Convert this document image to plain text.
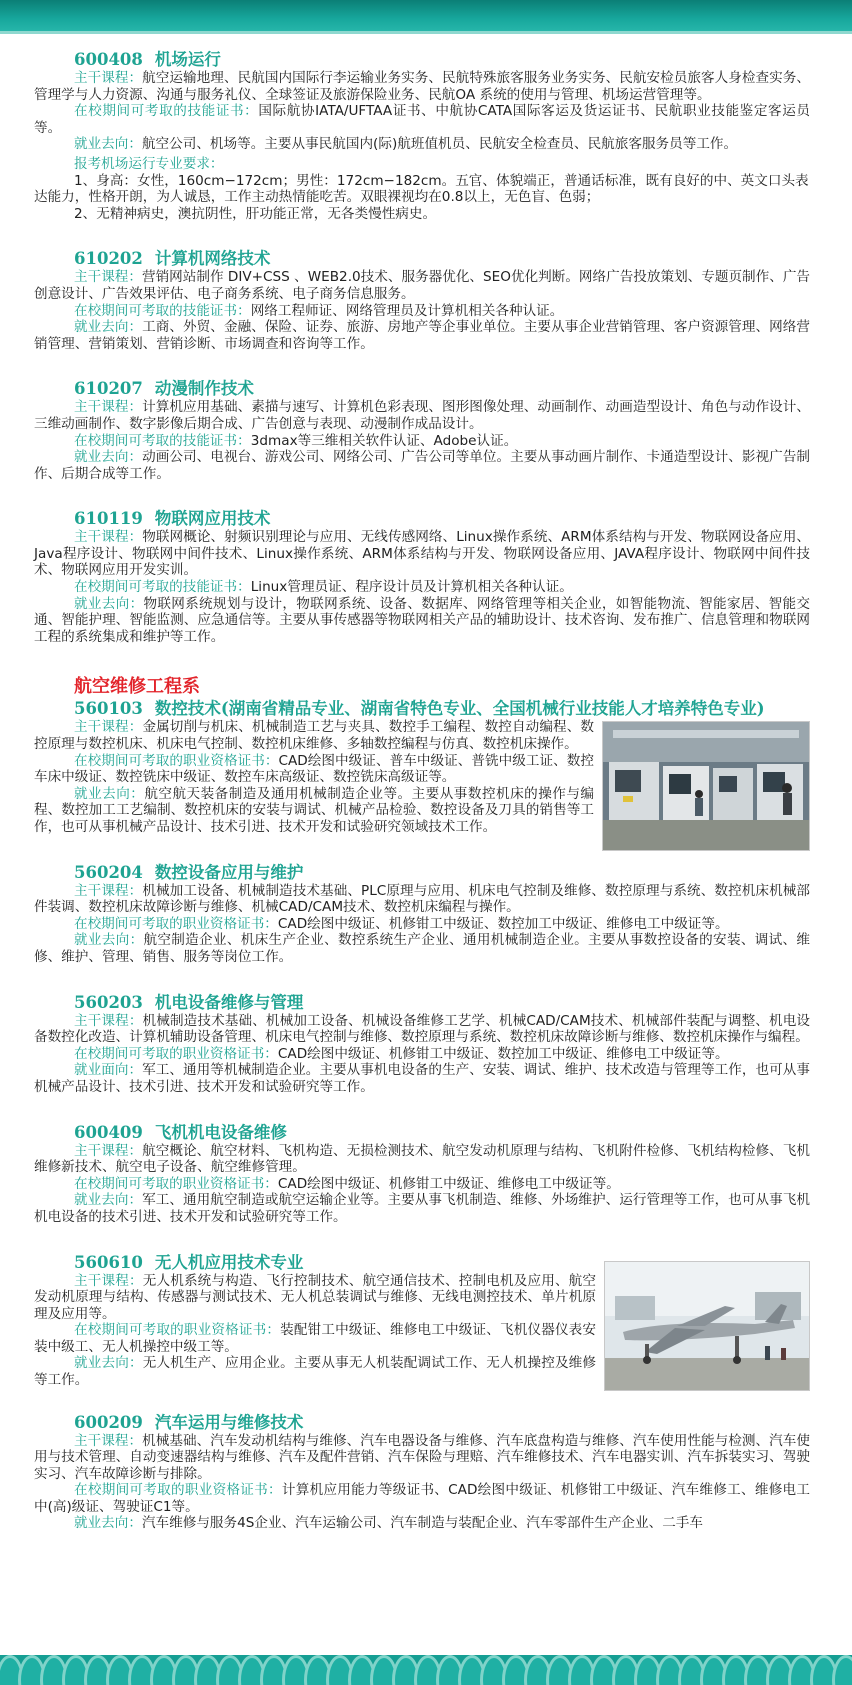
600408 机场运行

主干课程：航空运输地理、民航国内国际行李运输业务实务、民航特殊旅客服务业务实务、民航安检员旅客人身检查实务、管理学与人力资源、沟通与服务礼仪、全球签证及旅游保险业务、民航OA 系统的使用与管理、机场运营管理等。

在校期间可考取的技能证书：国际航协IATA/UFTAA证书、中航协CATA国际客运及货运证书、民航职业技能鉴定客运员等。

就业去向：航空公司、机场等。主要从事民航国内(际)航班值机员、民航安全检查员、民航旅客服务员等工作。

报考机场运行专业要求：

1、身高：女性，160cm−172cm；男性：172cm−182cm。五官、体貌端正，普通话标准，既有良好的中、英文口头表达能力，性格开朗，为人诚恳，工作主动热情能吃苦。双眼裸视均在0.8以上，无色盲、色弱；

2、无精神病史，澳抗阴性，肝功能正常，无各类慢性病史。

610202 计算机网络技术

主干课程：营销网站制作 DIV+CSS 、WEB2.0技术、服务器优化、SEO优化判断。网络广告投放策划、专题页制作、广告创意设计、广告效果评估、电子商务系统、电子商务信息服务。

在校期间可考取的技能证书：网络工程师证、网络管理员及计算机相关各种认证。

就业去向：工商、外贸、金融、保险、证券、旅游、房地产等企事业单位。主要从事企业营销管理、客户资源管理、网络营销管理、营销策划、营销诊断、市场调查和咨询等工作。

610207 动漫制作技术

主干课程：计算机应用基础、素描与速写、计算机色彩表现、图形图像处理、动画制作、动画造型设计、角色与动作设计、三维动画制作、数字影像后期合成、广告创意与表现、动漫制作成品设计。

在校期间可考取的技能证书：3dmax等三维相关软件认证、Adobe认证。

就业去向：动画公司、电视台、游戏公司、网络公司、广告公司等单位。主要从事动画片制作、卡通造型设计、影视广告制作、后期合成等工作。

610119 物联网应用技术

主干课程：物联网概论、射频识别理论与应用、无线传感网络、Linux操作系统、ARM体系结构与开发、物联网设备应用、Java程序设计、物联网中间件技术、Linux操作系统、ARM体系结构与开发、物联网设备应用、JAVA程序设计、物联网中间件技术、物联网应用开发实训。

在校期间可考取的技能证书：Linux管理员证、程序设计员及计算机相关各种认证。

就业去向：物联网系统规划与设计，物联网系统、设备、数据库、网络管理等相关企业，如智能物流、智能家居、智能交通、智能护理、智能监测、应急通信等。主要从事传感器等物联网相关产品的辅助设计、技术咨询、发布推广、信息管理和物联网工程的系统集成和维护等工作。

航空维修工程系
560103 数控技术(湖南省精品专业、湖南省特色专业、全国机械行业技能人才培养特色专业)

主干课程：金属切削与机床、机械制造工艺与夹具、数控手工编程、数控自动编程、数控原理与数控机床、机床电气控制、数控机床维修、多轴数控编程与仿真、数控机床操作。

在校期间可考取的职业资格证书：CAD绘图中级证、普车中级证、普铣中级工证、数控车床中级证、数控铣床中级证、数控车床高级证、数控铣床高级证等。

就业去向：航空航天装备制造及通用机械制造企业等。主要从事数控机床的操作与编程、数控加工工艺编制、数控机床的安装与调试、机械产品检验、数控设备及刀具的销售等工作，也可从事机械产品设计、技术引进、技术开发和试验研究领域技术工作。

560204 数控设备应用与维护

主干课程：机械加工设备、机械制造技术基础、PLC原理与应用、机床电气控制及维修、数控原理与系统、数控机床机械部件装调、数控机床故障诊断与维修、机械CAD/CAM技术、数控机床编程与操作。

在校期间可考取的职业资格证书：CAD绘图中级证、机修钳工中级证、数控加工中级证、维修电工中级证等。

就业去向：航空制造企业、机床生产企业、数控系统生产企业、通用机械制造企业。主要从事数控设备的安装、调试、维修、维护、管理、销售、服务等岗位工作。

560203 机电设备维修与管理

主干课程：机械制造技术基础、机械加工设备、机械设备维修工艺学、机械CAD/CAM技术、机械部件装配与调整、机电设备数控化改造、计算机辅助设备管理、机床电气控制与维修、数控原理与系统、数控机床故障诊断与维修、数控机床操作与编程。

在校期间可考取的职业资格证书：CAD绘图中级证、机修钳工中级证、数控加工中级证、维修电工中级证等。

就业面向：军工、通用等机械制造企业。主要从事机电设备的生产、安装、调试、维护、技术改造与管理等工作，也可从事机械产品设计、技术引进、技术开发和试验研究等工作。

600409 飞机机电设备维修

主干课程：航空概论、航空材料、飞机构造、无损检测技术、航空发动机原理与结构、飞机附件检修、飞机结构检修、飞机维修新技术、航空电子设备、航空维修管理。

在校期间可考取的职业资格证书：CAD绘图中级证、机修钳工中级证、维修电工中级证等。

就业去向：军工、通用航空制造或航空运输企业等。主要从事飞机制造、维修、外场维护、运行管理等工作，也可从事飞机机电设备的技术引进、技术开发和试验研究等工作。

560610 无人机应用技术专业

主干课程：无人机系统与构造、飞行控制技术、航空通信技术、控制电机及应用、航空发动机原理与结构、传感器与测试技术、无人机总装调试与维修、无线电测控技术、单片机原理及应用等。

在校期间可考取的职业资格证书：装配钳工中级证、维修电工中级证、飞机仪器仪表安装中级工、无人机操控中级工等。

就业去向：无人机生产、应用企业。主要从事无人机装配调试工作、无人机操控及维修等工作。

600209 汽车运用与维修技术

主干课程：机械基础、汽车发动机结构与维修、汽车电器设备与维修、汽车底盘构造与维修、汽车使用性能与检测、汽车使用与技术管理、自动变速器结构与维修、汽车及配件营销、汽车保险与理赔、汽车维修技术、汽车电器实训、汽车拆装实习、驾驶实习、汽车故障诊断与排除。

在校期间可考取的职业资格证书：计算机应用能力等级证书、CAD绘图中级证、机修钳工中级证、汽车维修工、维修电工中(高)级证、驾驶证C1等。

就业去向：汽车维修与服务4S企业、汽车运输公司、汽车制造与装配企业、汽车零部件生产企业、二手车
